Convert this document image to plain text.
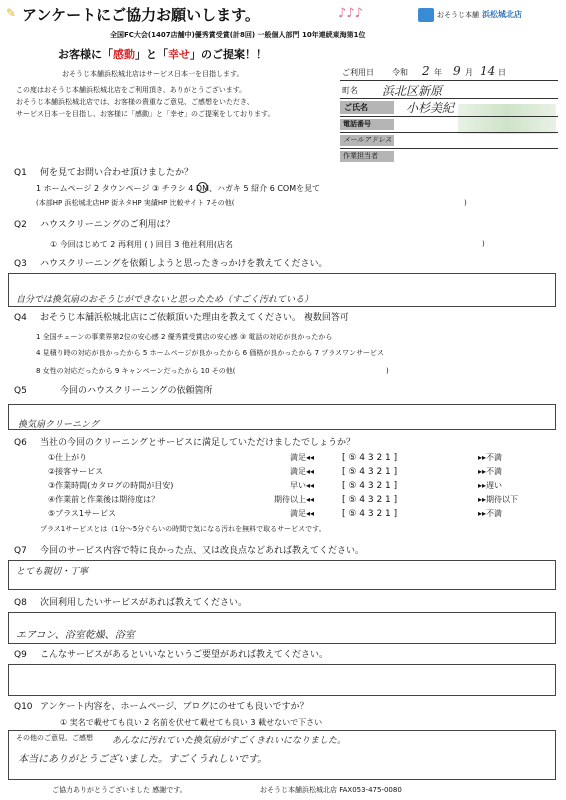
✎ アンケートにご協力お願いします。	♪♪♪	おそうじ本舗 浜松城北店
全国FC大会(1407店舗中)優秀賞受賞(計8回) 一般個人部門 10年連続東海第1位
お客様に「感動」と「幸せ」のご提案！！
おそうじ本舗浜松城北店はサービス日本一を目指します。
この度はおそうじ本舗浜松城北店をご利用頂き、ありがとうございます。
おそうじ本舗浜松城北店では、お客様の貴重なご意見、ご感想をいただき、
サービス日本一を目指し、お客様に「感動」と「幸せ」のご提案をしております。
ご利用日 令和 2 年 9 月 14 日
町名 浜北区新原
ご氏名	小杉美紀
電話番号
メールアドレス
作業担当者
Q1 何を見てお問い合わせ頂けましたか？
1 ホームページ 2 タウンページ ③ チラシ 4 DM、ハガキ 5 紹介 6 COMを見て
(本部HP 浜松城北店HP 街ネタHP 実績HP 比較サイト 7その他(	)
Q2 ハウスクリーニングのご利用は？
① 今回はじめて 2 再利用 ( ) 回目 3 他社利用(店名	)
Q3 ハウスクリーニングを依頼しようと思ったきっかけを教えてください。
自分では換気扇のおそうじができないと思ったため（すごく汚れている）
Q4 おそうじ本舗浜松城北店にご依頼頂いた理由を教えてください。 複数回答可
1 全国チェーンの事業界第2位の安心感 2 優秀賞受賞店の安心感 ③ 電話の対応が良かったから
4 見積り時の対応が良かったから 5 ホームページが良かったから 6 価格が良かったから 7 プラスワンサービス
8 女性の対応だったから 9 キャンペーンだったから 10 その他(	)
Q5	今回のハウスクリーニングの依頼箇所
換気扇クリーニング
Q6 当社の今回のクリーニングとサービスに満足していただけましたでしょうか？
①仕上がり	満足◂◂	[ ⑤ 4 3 2 1 ]	▸▸不満
②接客サービス	満足◂◂	[ ⑤ 4 3 2 1 ]	▸▸不満
③作業時間(カタログの時間が目安)	早い◂◂	[ ⑤ 4 3 2 1 ]	▸▸遅い
④作業前と作業後は期待度は？	期待以上◂◂	[ ⑤ 4 3 2 1 ]	▸▸期待以下
⑤プラス1サービス	満足◂◂	[ ⑤ 4 3 2 1 ]	▸▸不満
プラス1サービスとは（1分～5分ぐらいの時間で気になる汚れを無料で取るサービスです。
Q7 今回のサービス内容で特に良かった点、又は改良点などあれば教えてください。
とても親切・丁寧
Q8 次回利用したいサービスがあれば教えてください。
エアコン、浴室乾燥、浴室
Q9 こんなサービスがあるといいなというご要望があれば教えてください。
Q10 アンケート内容を、ホームページ、ブログにのせても良いですか？
① 実名で載せても良い 2 名前を伏せて載せても良い 3 載せないで下さい
その他のご意見、ご感想 あんなに汚れていた換気扇がすごくきれいになりました。
本当にありがとうございました。すごくうれしいです。
ご協力ありがとうございました 感謝です。	おそうじ本舗浜松城北店 FAX053-475-0080
